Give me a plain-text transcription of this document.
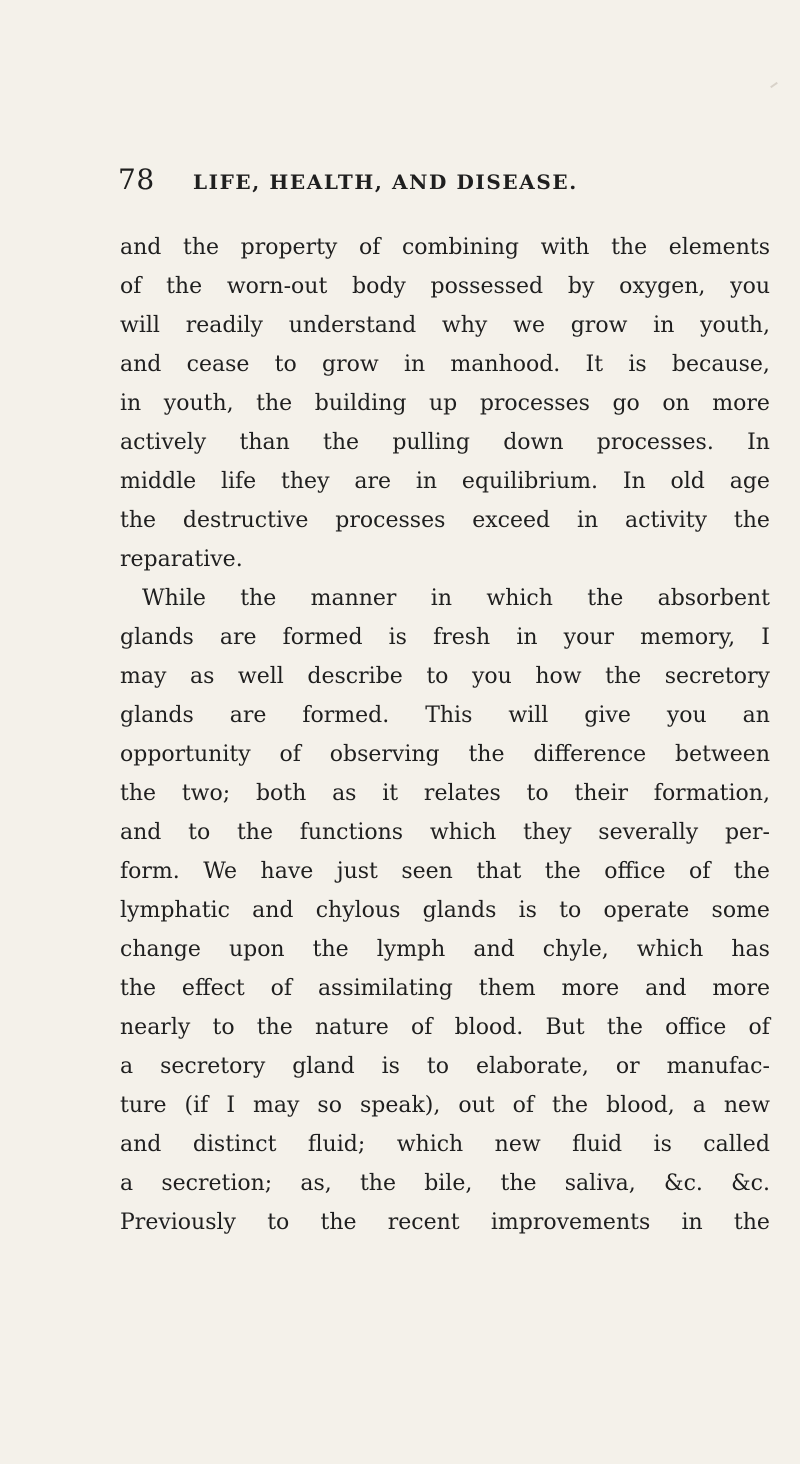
78 LIFE, HEALTH, AND DISEASE.
and the property of combining with the elements
of the worn-out body possessed by oxygen, you
will readily understand why we grow in youth,
and cease to grow in manhood. It is because,
in youth, the building up processes go on more
actively than the pulling down processes. In
middle life they are in equilibrium. In old age
the destructive processes exceed in activity the
reparative.
While the manner in which the absorbent
glands are formed is fresh in your memory, I
may as well describe to you how the secretory
glands are formed. This will give you an
opportunity of observing the difference between
the two; both as it relates to their formation,
and to the functions which they severally per-
form. We have just seen that the office of the
lymphatic and chylous glands is to operate some
change upon the lymph and chyle, which has
the effect of assimilating them more and more
nearly to the nature of blood. But the office of
a secretory gland is to elaborate, or manufac-
ture (if I may so speak), out of the blood, a new
and distinct fluid; which new fluid is called
a secretion; as, the bile, the saliva, &c. &c.
Previously to the recent improvements in the
